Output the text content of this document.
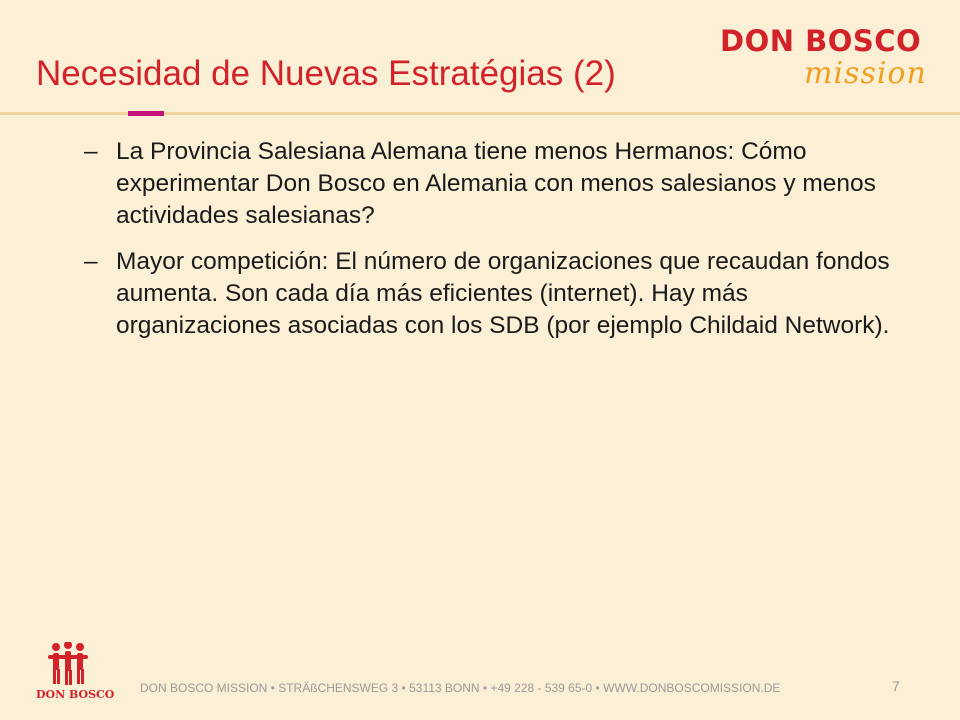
Necesidad de Nuevas Estratégias (2)
DON BOSCO
mission
– La Provincia Salesiana Alemana tiene menos Hermanos: Cómo experimentar Don Bosco en Alemania con menos salesianos y menos actividades salesianas?
– Mayor competición: El número de organizaciones que recaudan fondos aumenta. Son cada día más eficientes (internet). Hay más organizaciones asociadas con los SDB (por ejemplo Childaid Network).
DON BOSCO DON BOSCO MISSION • STRÄßCHENSWEG 3 • 53113 BONN • +49 228 - 539 65-0 • WWW.DONBOSCOMISSION.DE	7
